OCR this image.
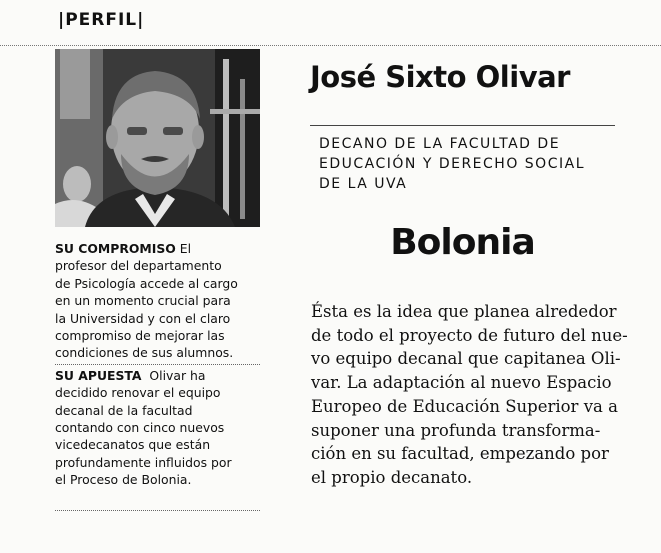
|PERFIL|
José Sixto Olivar
DECANO DE LA FACULTAD DE
EDUCACIÓN Y DERECHO SOCIAL
DE LA UVA
Bolonia
Ésta es la idea que planea alrededor
de todo el proyecto de futuro del nue-
vo equipo decanal que capitanea Oli-
var. La adaptación al nuevo Espacio
Europeo de Educación Superior va a
suponer una profunda transforma-
ción en su facultad, empezando por
el propio decanato.
SU COMPROMISO El
profesor del departamento
de Psicología accede al cargo
en un momento crucial para
la Universidad y con el claro
compromiso de mejorar las
condiciones de sus alumnos.
SU APUESTA  Olivar ha
decidido renovar el equipo
decanal de la facultad
contando con cinco nuevos
vicedecanatos que están
profundamente influidos por
el Proceso de Bolonia.
